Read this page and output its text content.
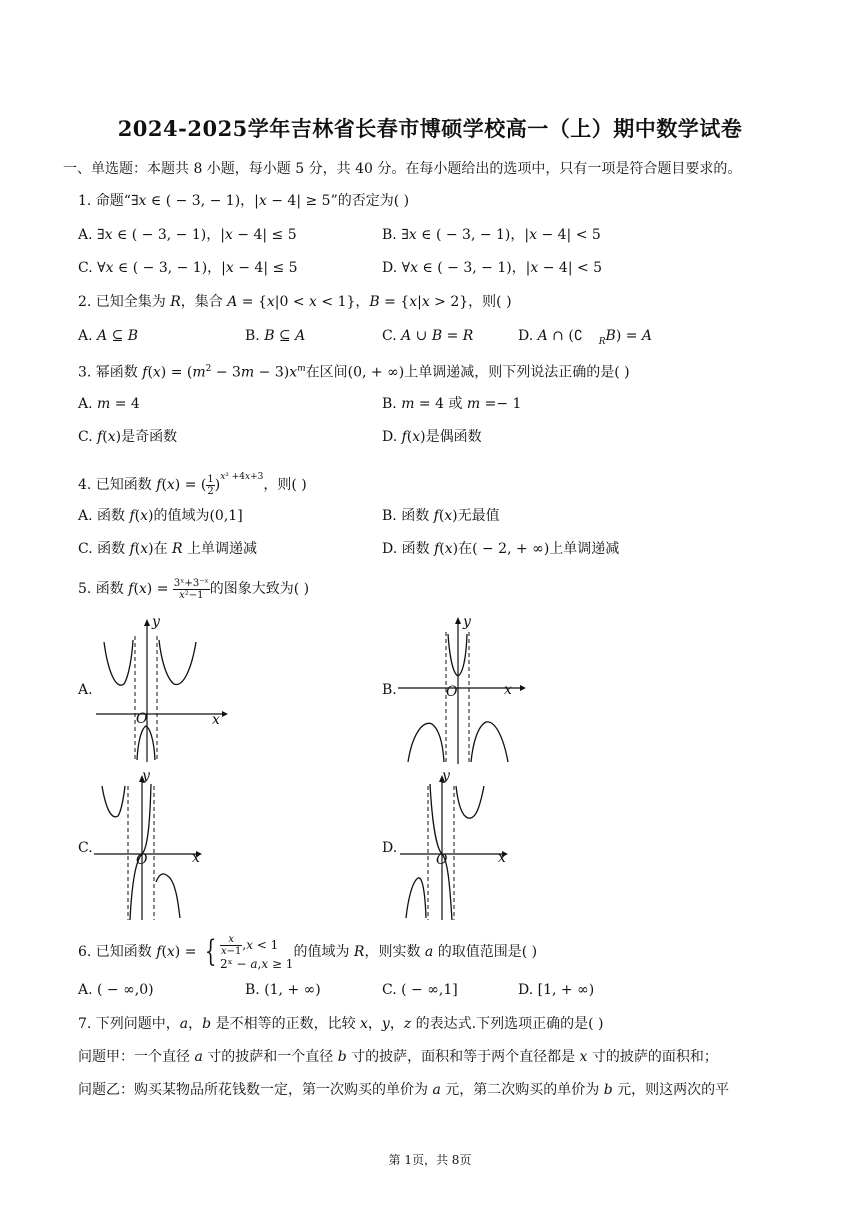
2024-2025学年吉林省长春市博硕学校高一（上）期中数学试卷
一、单选题：本题共 8 小题，每小题 5 分，共 40 分。在每小题给出的选项中，只有一项是符合题目要求的。
1. 命题“∃𝑥 ∈ ( − 3, − 1)，|𝑥 − 4| ≥ 5”的否定为( )
A. ∃𝑥 ∈ ( − 3, − 1)，|𝑥 − 4| ≤ 5	B. ∃𝑥 ∈ ( − 3, − 1)，|𝑥 − 4| < 5
C. ∀𝑥 ∈ ( − 3, − 1)，|𝑥 − 4| ≤ 5	D. ∀𝑥 ∈ ( − 3, − 1)，|𝑥 − 4| < 5
2. 已知全集为 𝑅，集合 𝐴 = {𝑥|0 < 𝑥 < 1}，𝐵 = {𝑥|𝑥 > 2}，则( )
A. 𝐴 ⊆ 𝐵	B. 𝐵 ⊆ 𝐴	C. 𝐴 ∪ 𝐵 = 𝑅	D. 𝐴 ∩ (∁ $_𝑅$𝐵) = 𝐴
3. 幂函数 𝑓(𝑥) = (𝑚$^2$ − 3𝑚 − 3)𝑥$^𝑚$在区间(0, + ∞)上单调递减，则下列说法正确的是( )
A. 𝑚 = 4	B. 𝑚 = 4 或 𝑚 =− 1
C. 𝑓(𝑥)是奇函数	D. 𝑓(𝑥)是偶函数
4. 已知函数 𝑓(𝑥) = ( $\frac{1}{2} )^{𝑥^2 +4𝑥+3}$，则( )
A. 函数 𝑓(𝑥)的值域为(0,1]	B. 函数 𝑓(𝑥)无最值
C. 函数 𝑓(𝑥)在 𝑅 上单调递减	D. 函数 𝑓(𝑥)在( − 2, + ∞)上单调递减
5. 函数 𝑓(𝑥) = $\frac{\text{3ˣ+3⁻ˣ}}{\text{𝑥²−1}}$ 的图象大致为( )
A.
y
x
O
B.
y
x
O
C.
y
x
O
D.
y
x
O
6. 已知函数 𝑓(𝑥) = { $\frac{\text{𝑥}}{\text{𝑥−1}}$ ,𝑥 < 1
2ˣ − 𝑎,𝑥 ≥ 1
的值域为 𝑅，则实数 𝑎 的取值范围是( )
A. ( − ∞,0)	B. (1, + ∞)	C. ( − ∞,1]	D. [1, + ∞)
7. 下列问题中，𝑎，𝑏 是不相等的正数，比较 𝑥，𝑦，𝑧 的表达式.下列选项正确的是( )
问题甲：一个直径 𝑎 寸的披萨和一个直径 𝑏 寸的披萨，面积和等于两个直径都是 𝑥 寸的披萨的面积和；
问题乙：购买某物品所花钱数一定，第一次购买的单价为 𝑎 元，第二次购买的单价为 𝑏 元，则这两次的平
第 1页，共 8页
